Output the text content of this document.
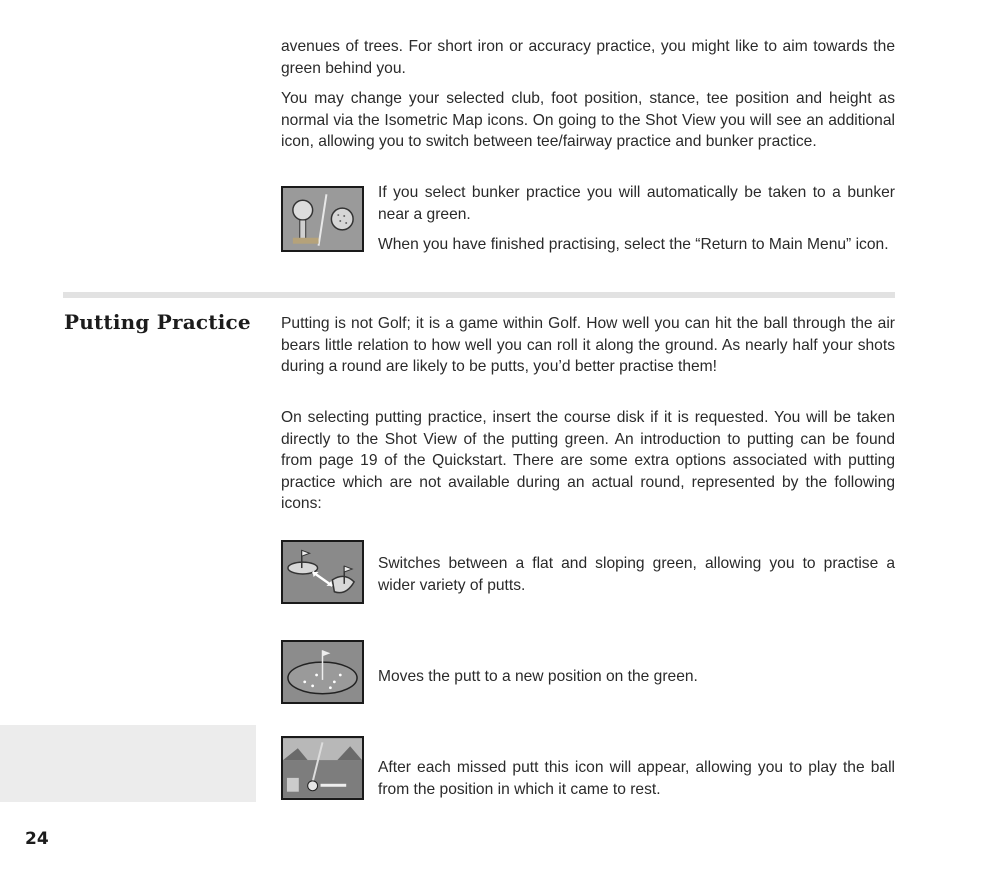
avenues of trees. For short iron or accuracy practice, you might like to aim towards the green behind you.

You may change your selected club, foot position, stance, tee position and height as normal via the Isometric Map icons. On going to the Shot View you will see an additional icon, allowing you to switch between tee/fairway practice and bunker practice.

If you select bunker practice you will automatically be taken to a bunker near a green.

When you have finished practising, select the “Return to Main Menu” icon.

Putting Practice Putting is not Golf; it is a game within Golf. How well you can hit the ball through the air bears little relation to how well you can roll it along the ground. As nearly half your shots during a round are likely to be putts, you’d better practise them!

On selecting putting practice, insert the course disk if it is requested. You will be taken directly to the Shot View of the putting green. An introduction to putting can be found from page 19 of the Quickstart. There are some extra options associated with putting practice which are not available during an actual round, represented by the following icons:

Switches between a flat and sloping green, allowing you to practise a wider variety of putts.

Moves the putt to a new position on the green.

After each missed putt this icon will appear, allowing you to play the ball from the position in which it came to rest.

24
